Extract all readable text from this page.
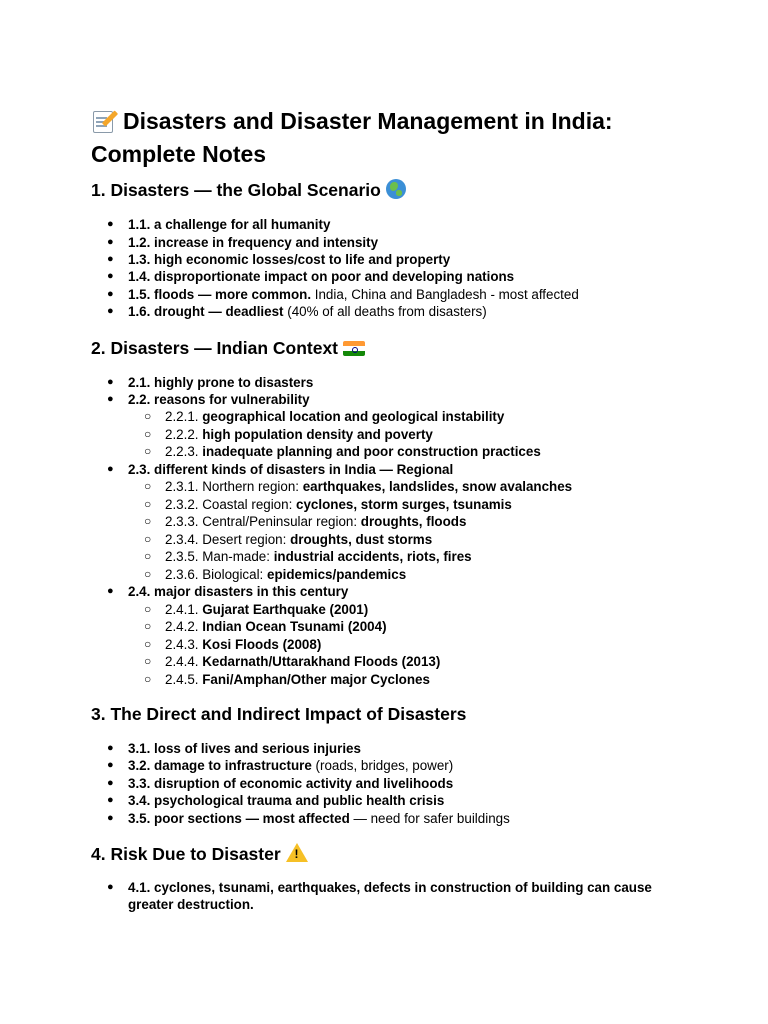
Disasters and Disaster Management in India: Complete Notes
1. Disasters — the Global Scenario
● 1.1. a challenge for all humanity
● 1.2. increase in frequency and intensity
● 1.3. high economic losses/cost to life and property
● 1.4. disproportionate impact on poor and developing nations
● 1.5. floods — more common. India, China and Bangladesh - most affected
● 1.6. drought — deadliest (40% of all deaths from disasters)
2. Disasters — Indian Context
● 2.1. highly prone to disasters
● 2.2. reasons for vulnerability
○ 2.2.1. geographical location and geological instability
○ 2.2.2. high population density and poverty
○ 2.2.3. inadequate planning and poor construction practices
● 2.3. different kinds of disasters in India — Regional
○ 2.3.1. Northern region: earthquakes, landslides, snow avalanches
○ 2.3.2. Coastal region: cyclones, storm surges, tsunamis
○ 2.3.3. Central/Peninsular region: droughts, floods
○ 2.3.4. Desert region: droughts, dust storms
○ 2.3.5. Man-made: industrial accidents, riots, fires
○ 2.3.6. Biological: epidemics/pandemics
● 2.4. major disasters in this century
○ 2.4.1. Gujarat Earthquake (2001)
○ 2.4.2. Indian Ocean Tsunami (2004)
○ 2.4.3. Kosi Floods (2008)
○ 2.4.4. Kedarnath/Uttarakhand Floods (2013)
○ 2.4.5. Fani/Amphan/Other major Cyclones
3. The Direct and Indirect Impact of Disasters
● 3.1. loss of lives and serious injuries
● 3.2. damage to infrastructure (roads, bridges, power)
● 3.3. disruption of economic activity and livelihoods
● 3.4. psychological trauma and public health crisis
● 3.5. poor sections — most affected — need for safer buildings
4. Risk Due to Disaster !
● 4.1. cyclones, tsunami, earthquakes, defects in construction of building can cause greater destruction.
